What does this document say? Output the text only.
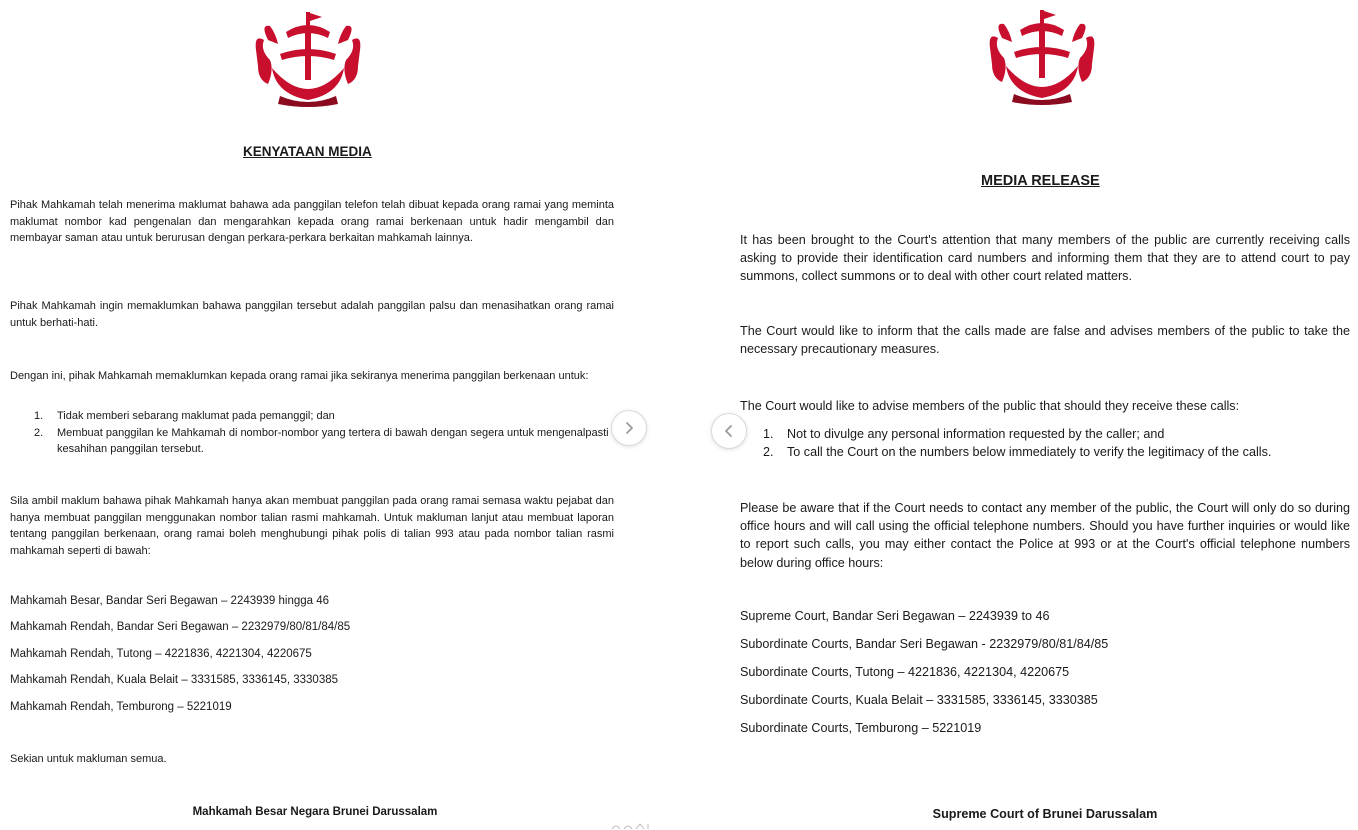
KENYATAAN MEDIA

Pihak Mahkamah telah menerima maklumat bahawa ada panggilan telefon telah dibuat kepada orang ramai yang meminta maklumat nombor kad pengenalan dan mengarahkan kepada orang ramai berkenaan untuk hadir mengambil dan membayar saman atau untuk berurusan dengan perkara-perkara berkaitan mahkamah lainnya.

Pihak Mahkamah ingin memaklumkan bahawa panggilan tersebut adalah panggilan palsu dan menasihatkan orang ramai untuk berhati-hati.

Dengan ini, pihak Mahkamah memaklumkan kepada orang ramai jika sekiranya menerima panggilan berkenaan untuk:

1. Tidak memberi sebarang maklumat pada pemanggil; dan
2. Membuat panggilan ke Mahkamah di nombor-nombor yang tertera di bawah dengan segera untuk mengenalpasti kesahihan panggilan tersebut.

Sila ambil maklum bahawa pihak Mahkamah hanya akan membuat panggilan pada orang ramai semasa waktu pejabat dan hanya membuat panggilan menggunakan nombor talian rasmi mahkamah. Untuk makluman lanjut atau membuat laporan tentang panggilan berkenaan, orang ramai boleh menghubungi pihak polis di talian 993 atau pada nombor talian rasmi mahkamah seperti di bawah:

Mahkamah Besar, Bandar Seri Begawan – 2243939 hingga 46

Mahkamah Rendah, Bandar Seri Begawan – 2232979/80/81/84/85

Mahkamah Rendah, Tutong – 4221836, 4221304, 4220675

Mahkamah Rendah, Kuala Belait – 3331585, 3336145, 3330385

Mahkamah Rendah, Temburong – 5221019

Sekian untuk makluman semua.

Mahkamah Besar Negara Brunei Darussalam

MEDIA RELEASE

It has been brought to the Court's attention that many members of the public are currently receiving calls asking to provide their identification card numbers and informing them that they are to attend court to pay summons, collect summons or to deal with other court related matters.

The Court would like to inform that the calls made are false and advises members of the public to take the necessary precautionary measures.

The Court would like to advise members of the public that should they receive these calls:

1. Not to divulge any personal information requested by the caller; and
2. To call the Court on the numbers below immediately to verify the legitimacy of the calls.

Please be aware that if the Court needs to contact any member of the public, the Court will only do so during office hours and will call using the official telephone numbers. Should you have further inquiries or would like to report such calls, you may either contact the Police at 993 or at the Court's official telephone numbers below during office hours:

Supreme Court, Bandar Seri Begawan – 2243939 to 46

Subordinate Courts, Bandar Seri Begawan - 2232979/80/81/84/85

Subordinate Courts, Tutong – 4221836, 4221304, 4220675

Subordinate Courts, Kuala Belait – 3331585, 3336145, 3330385

Subordinate Courts, Temburong – 5221019

Supreme Court of Brunei Darussalam
